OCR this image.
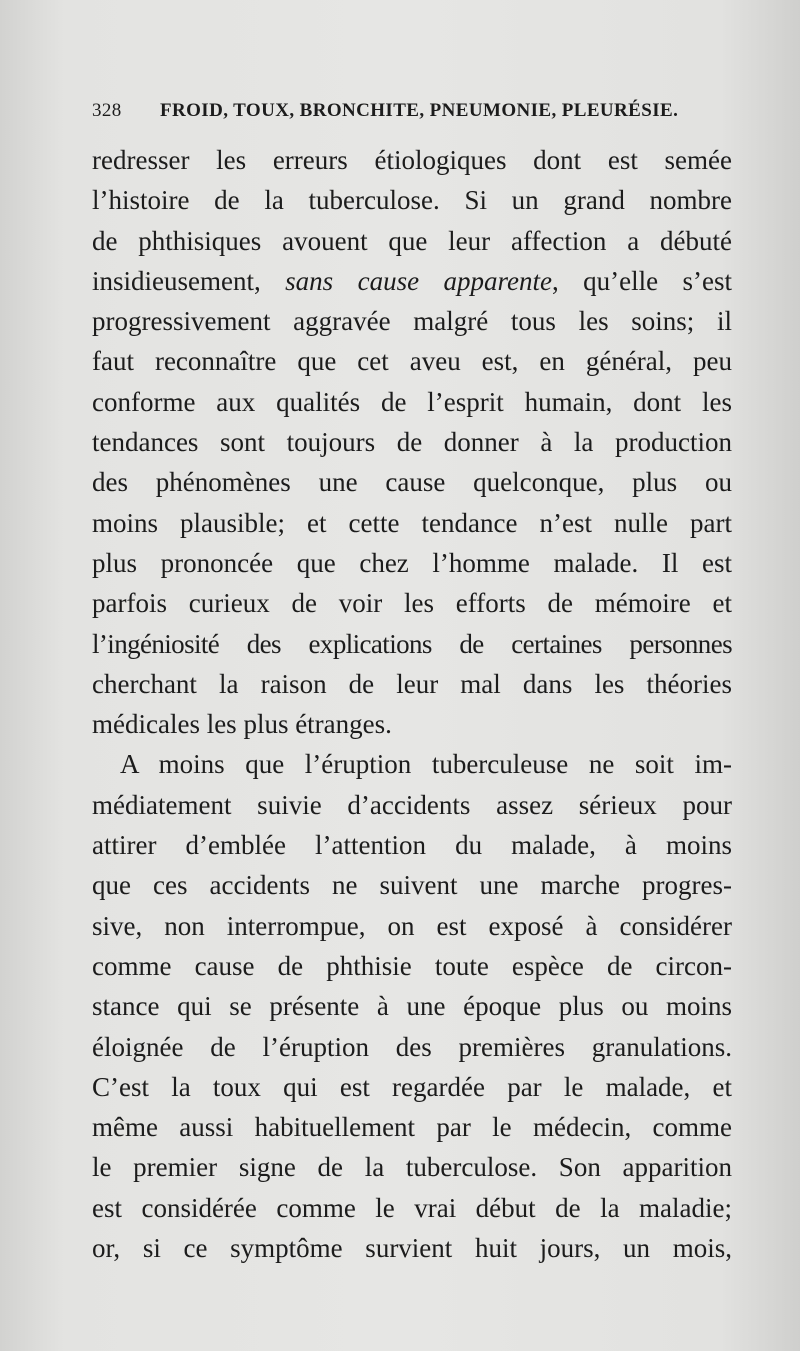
328 FROID, TOUX, BRONCHITE, PNEUMONIE, PLEURÉSIE.
redresser les erreurs étiologiques dont est semée
l’histoire de la tuberculose. Si un grand nombre
de phthisiques avouent que leur affection a débuté
insidieusement, sans cause apparente, qu’elle s’est
progressivement aggravée malgré tous les soins; il
faut reconnaître que cet aveu est, en général, peu
conforme aux qualités de l’esprit humain, dont les
tendances sont toujours de donner à la production
des phénomènes une cause quelconque, plus ou
moins plausible; et cette tendance n’est nulle part
plus prononcée que chez l’homme malade. Il est
parfois curieux de voir les efforts de mémoire et
l’ingéniosité des explications de certaines personnes
cherchant la raison de leur mal dans les théories
médicales les plus étranges.
A moins que l’éruption tuberculeuse ne soit im-
médiatement suivie d’accidents assez sérieux pour
attirer d’emblée l’attention du malade, à moins
que ces accidents ne suivent une marche progres-
sive, non interrompue, on est exposé à considérer
comme cause de phthisie toute espèce de circon-
stance qui se présente à une époque plus ou moins
éloignée de l’éruption des premières granulations.
C’est la toux qui est regardée par le malade, et
même aussi habituellement par le médecin, comme
le premier signe de la tuberculose. Son apparition
est considérée comme le vrai début de la maladie;
or, si ce symptôme survient huit jours, un mois,
